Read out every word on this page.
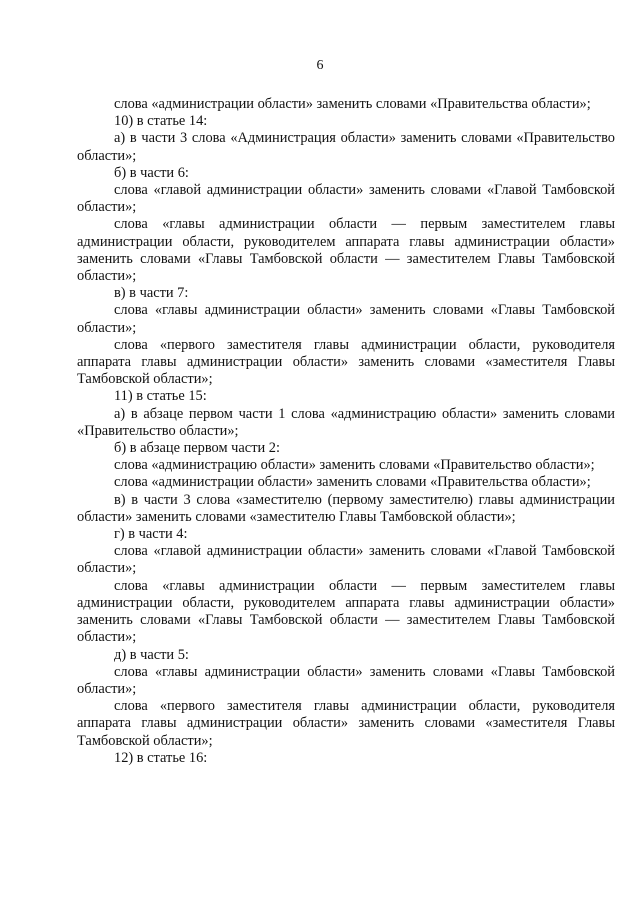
6

слова «администрации области» заменить словами «Правительства области»;

10) в статье 14:

а) в части 3 слова «Администрация области» заменить словами «Правительство области»;

б) в части 6:

слова «главой администрации области» заменить словами «Главой Тамбовской области»;

слова «главы администрации области — первым заместителем главы администрации области, руководителем аппарата главы администрации области» заменить словами «Главы Тамбовской области — заместителем Главы Тамбовской области»;

в) в части 7:

слова «главы администрации области» заменить словами «Главы Тамбовской области»;

слова «первого заместителя главы администрации области, руководителя аппарата главы администрации области» заменить словами «заместителя Главы Тамбовской области»;

11) в статье 15:

а) в абзаце первом части 1 слова «администрацию области» заменить словами «Правительство области»;

б) в абзаце первом части 2:

слова «администрацию области» заменить словами «Правительство области»;

слова «администрации области» заменить словами «Правительства области»;

в) в части 3 слова «заместителю (первому заместителю) главы администрации области» заменить словами «заместителю Главы Тамбовской области»;

г) в части 4:

слова «главой администрации области» заменить словами «Главой Тамбовской области»;

слова «главы администрации области — первым заместителем главы администрации области, руководителем аппарата главы администрации области» заменить словами «Главы Тамбовской области — заместителем Главы Тамбовской области»;

д) в части 5:

слова «главы администрации области» заменить словами «Главы Тамбовской области»;

слова «первого заместителя главы администрации области, руководителя аппарата главы администрации области» заменить словами «заместителя Главы Тамбовской области»;

12) в статье 16:
